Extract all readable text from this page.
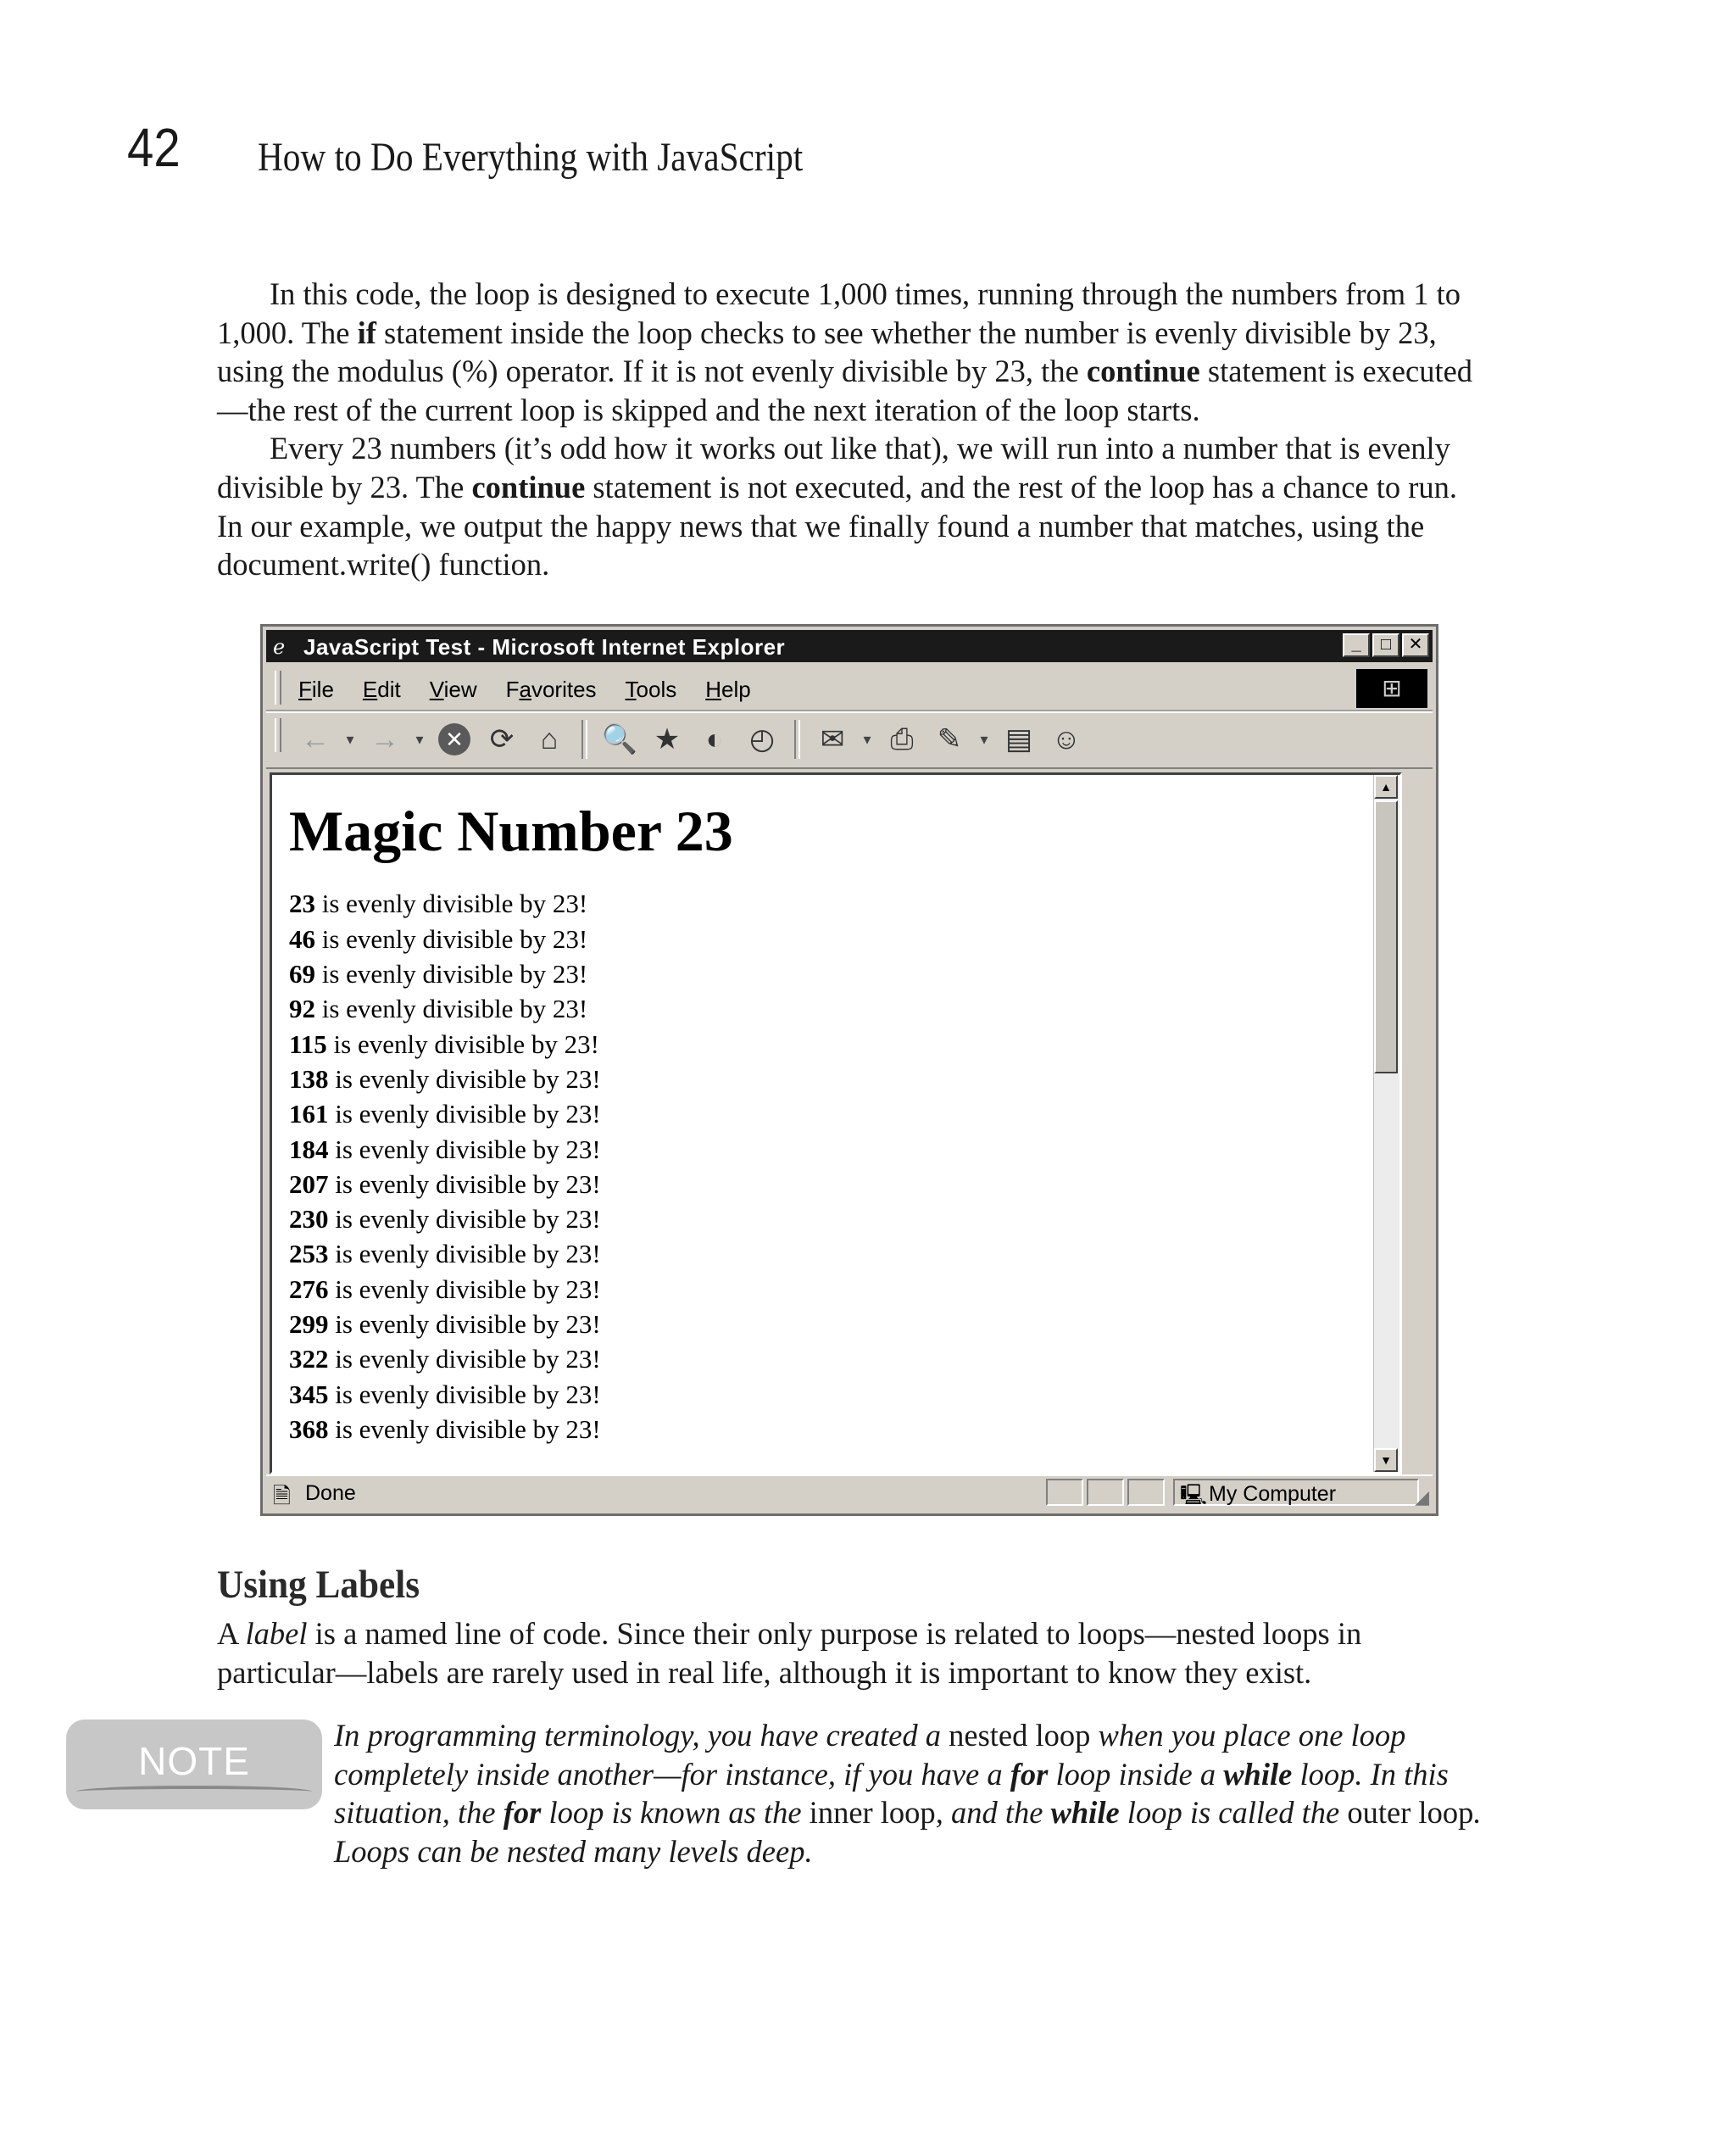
42 How to Do Everything with JavaScript

In this code, the loop is designed to execute 1,000 times, running through the numbers from 1 to 1,000. The if statement inside the loop checks to see whether the number is evenly divisible by 23, using the modulus (%) operator. If it is not evenly divisible by 23, the continue statement is executed—the rest of the current loop is skipped and the next iteration of the loop starts.

Every 23 numbers (it’s odd how it works out like that), we will run into a number that is evenly divisible by 23. The continue statement is not executed, and the rest of the loop has a chance to run. In our example, we output the happy news that we finally found a number that matches, using the document.write() function.

ℯ JavaScript Test - Microsoft Internet Explorer	_	□	✕
File Edit View Favorites Tools Help	⊞
← ▾ → ▾ ✕ ⟳ ⌂	🔍 ★ ◐ ◴ ✉	▾ ⎙ ✎	▾ ▤ ☺
Magic Number 23
23 is evenly divisible by 23!
46 is evenly divisible by 23!
69 is evenly divisible by 23!
92 is evenly divisible by 23!
115 is evenly divisible by 23!
138 is evenly divisible by 23!
161 is evenly divisible by 23!
184 is evenly divisible by 23!
207 is evenly divisible by 23!
230 is evenly divisible by 23!
253 is evenly divisible by 23!
276 is evenly divisible by 23!
299 is evenly divisible by 23!
322 is evenly divisible by 23!
345 is evenly divisible by 23!
368 is evenly divisible by 23!
▲
▼
🗎 Done	🖳 My Computer	◢
Using Labels

A label is a named line of code. Since their only purpose is related to loops—nested loops in particular—labels are rarely used in real life, although it is important to know they exist.

NOTE

In programming terminology, you have created a nested loop when you place one loop completely inside another—for instance, if you have a for loop inside a while loop. In this situation, the for loop is known as the inner loop, and the while loop is called the outer loop. Loops can be nested many levels deep.
